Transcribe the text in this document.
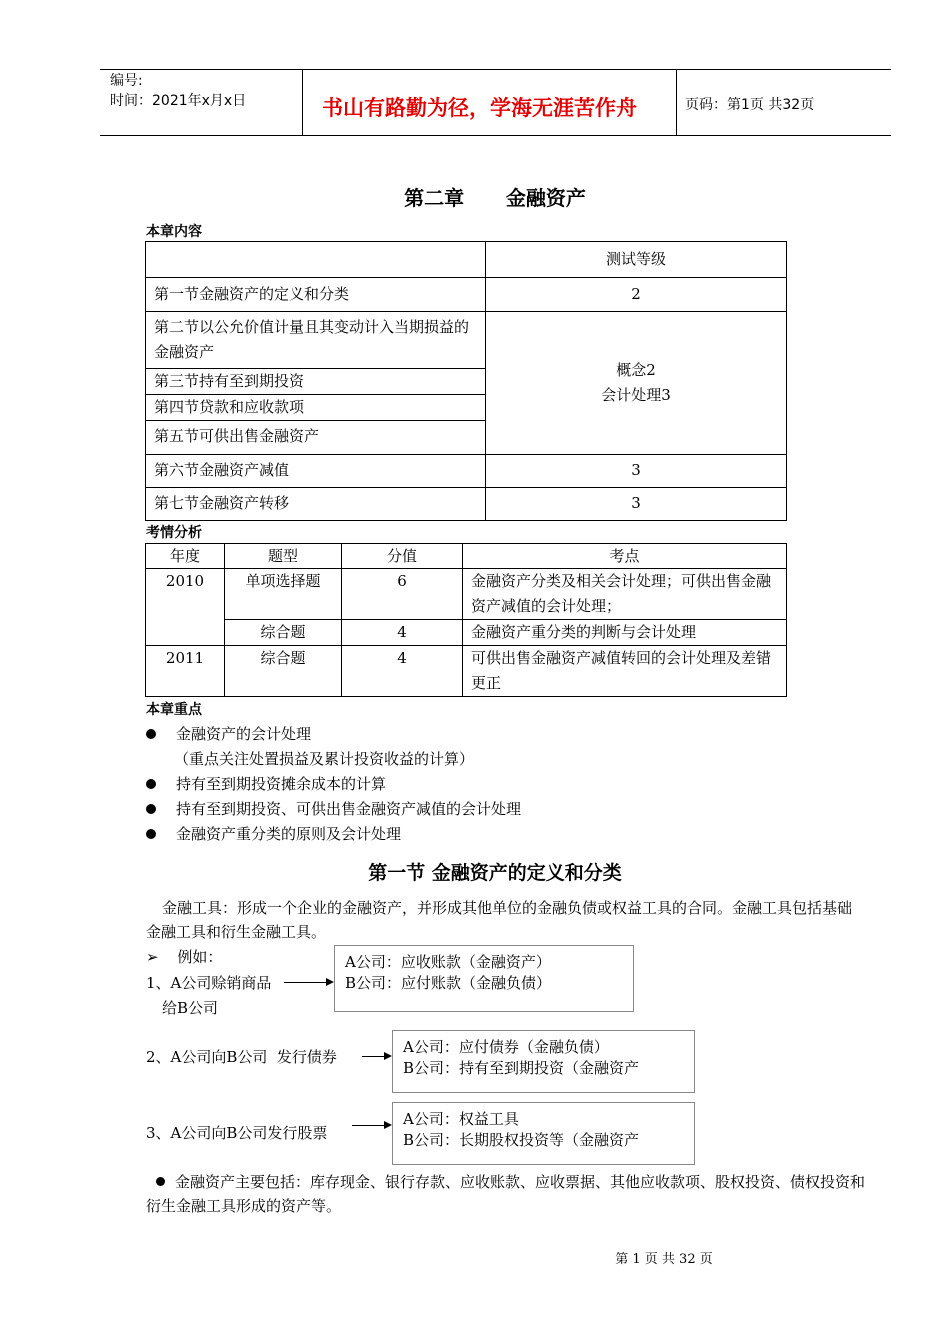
编号:
时间：2021年x月x日	书山有路勤为径，学海无涯苦作舟	页码：第1页 共32页
第二章      金融资产
本章内容
	测试等级
第一节金融资产的定义和分类	2
第二节以公允价值计量且其变动计入当期损益的金融资产	概念2
会计处理3

第三节持有至到期投资	
第四节贷款和应收款项	
第五节可供出售金融资产	
第六节金融资产减值	3
第七节金融资产转移	3
考情分析
年度	题型	分值	考点
2010	单项选择题	6	金融资产分类及相关会计处理；可供出售金融资产减值的会计处理；
	综合题	4	金融资产重分类的判断与会计处理
2011	综合题	4	可供出售金融资产减值转回的会计处理及差错更正
本章重点
金融资产的会计处理
（重点关注处置损益及累计投资收益的计算）
持有至到期投资摊余成本的计算
持有至到期投资、可供出售金融资产减值的会计处理
金融资产重分类的原则及会计处理
第一节 金融资产的定义和分类
金融工具：形成一个企业的金融资产，并形成其他单位的金融负债或权益工具的合同。金融工具包括基础金融工具和衍生金融工具。
➢ 例如：
1、A公司赊销商品
给B公司
A公司：应收账款（金融资产）
B公司：应付账款（金融负债）
2、A公司向B公司  发行债券
A公司：应付债券（金融负债）
B公司：持有至到期投资（金融资产
3、A公司向B公司发行股票
A公司：权益工具
B公司：长期股权投资等（金融资产
金融资产主要包括：库存现金、银行存款、应收账款、应收票据、其他应收款项、股权投资、债权投资和衍生金融工具形成的资产等。
第 1 页 共 32 页
